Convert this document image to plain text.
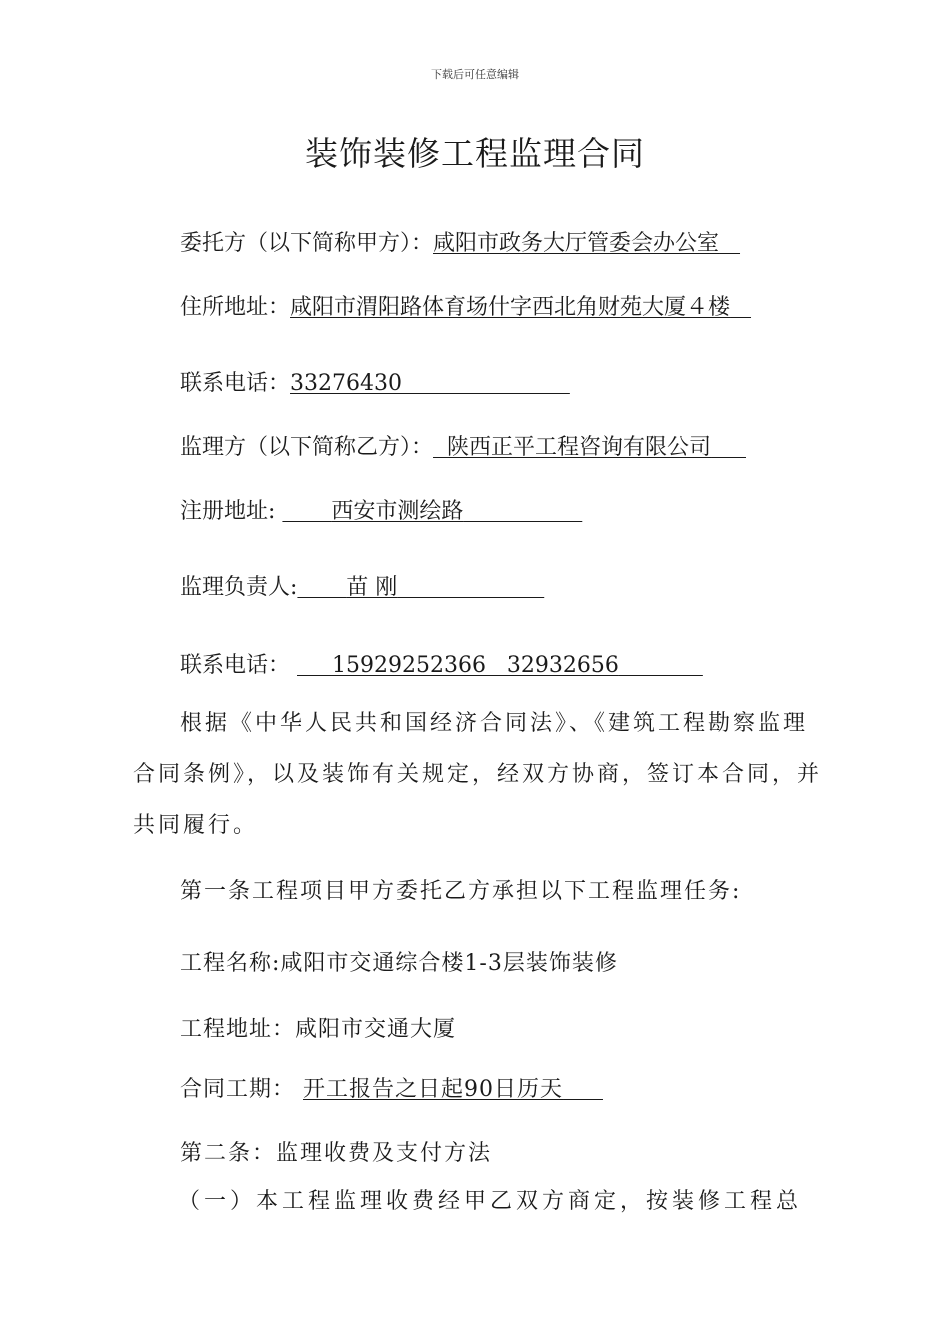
下载后可任意编辑
装饰装修工程监理合同
委托方（以下简称甲方）：咸阳市政务大厅管委会办公室
住所地址：咸阳市渭阳路体育场什字西北角财苑大厦４楼
联系电话：33276430
监理方（以下简称乙方）： 陕西正平工程咨询有限公司
注册地址:	西安市测绘路
监理负责人: 苗 刚
联系电话： 15929252366   32932656
根据《中华人民共和国经济合同法》、《建筑工程勘察监理合同条例》，以及装饰有关规定，经双方协商，签订本合同，并共同履行。
第一条工程项目甲方委托乙方承担以下工程监理任务:
工程名称:咸阳市交通综合楼1-3层装饰装修
工程地址：咸阳市交通大厦
合同工期： 开工报告之日起90日历天
第二条：监理收费及支付方法
（一）本工程监理收费经甲乙双方商定，按装修工程总
